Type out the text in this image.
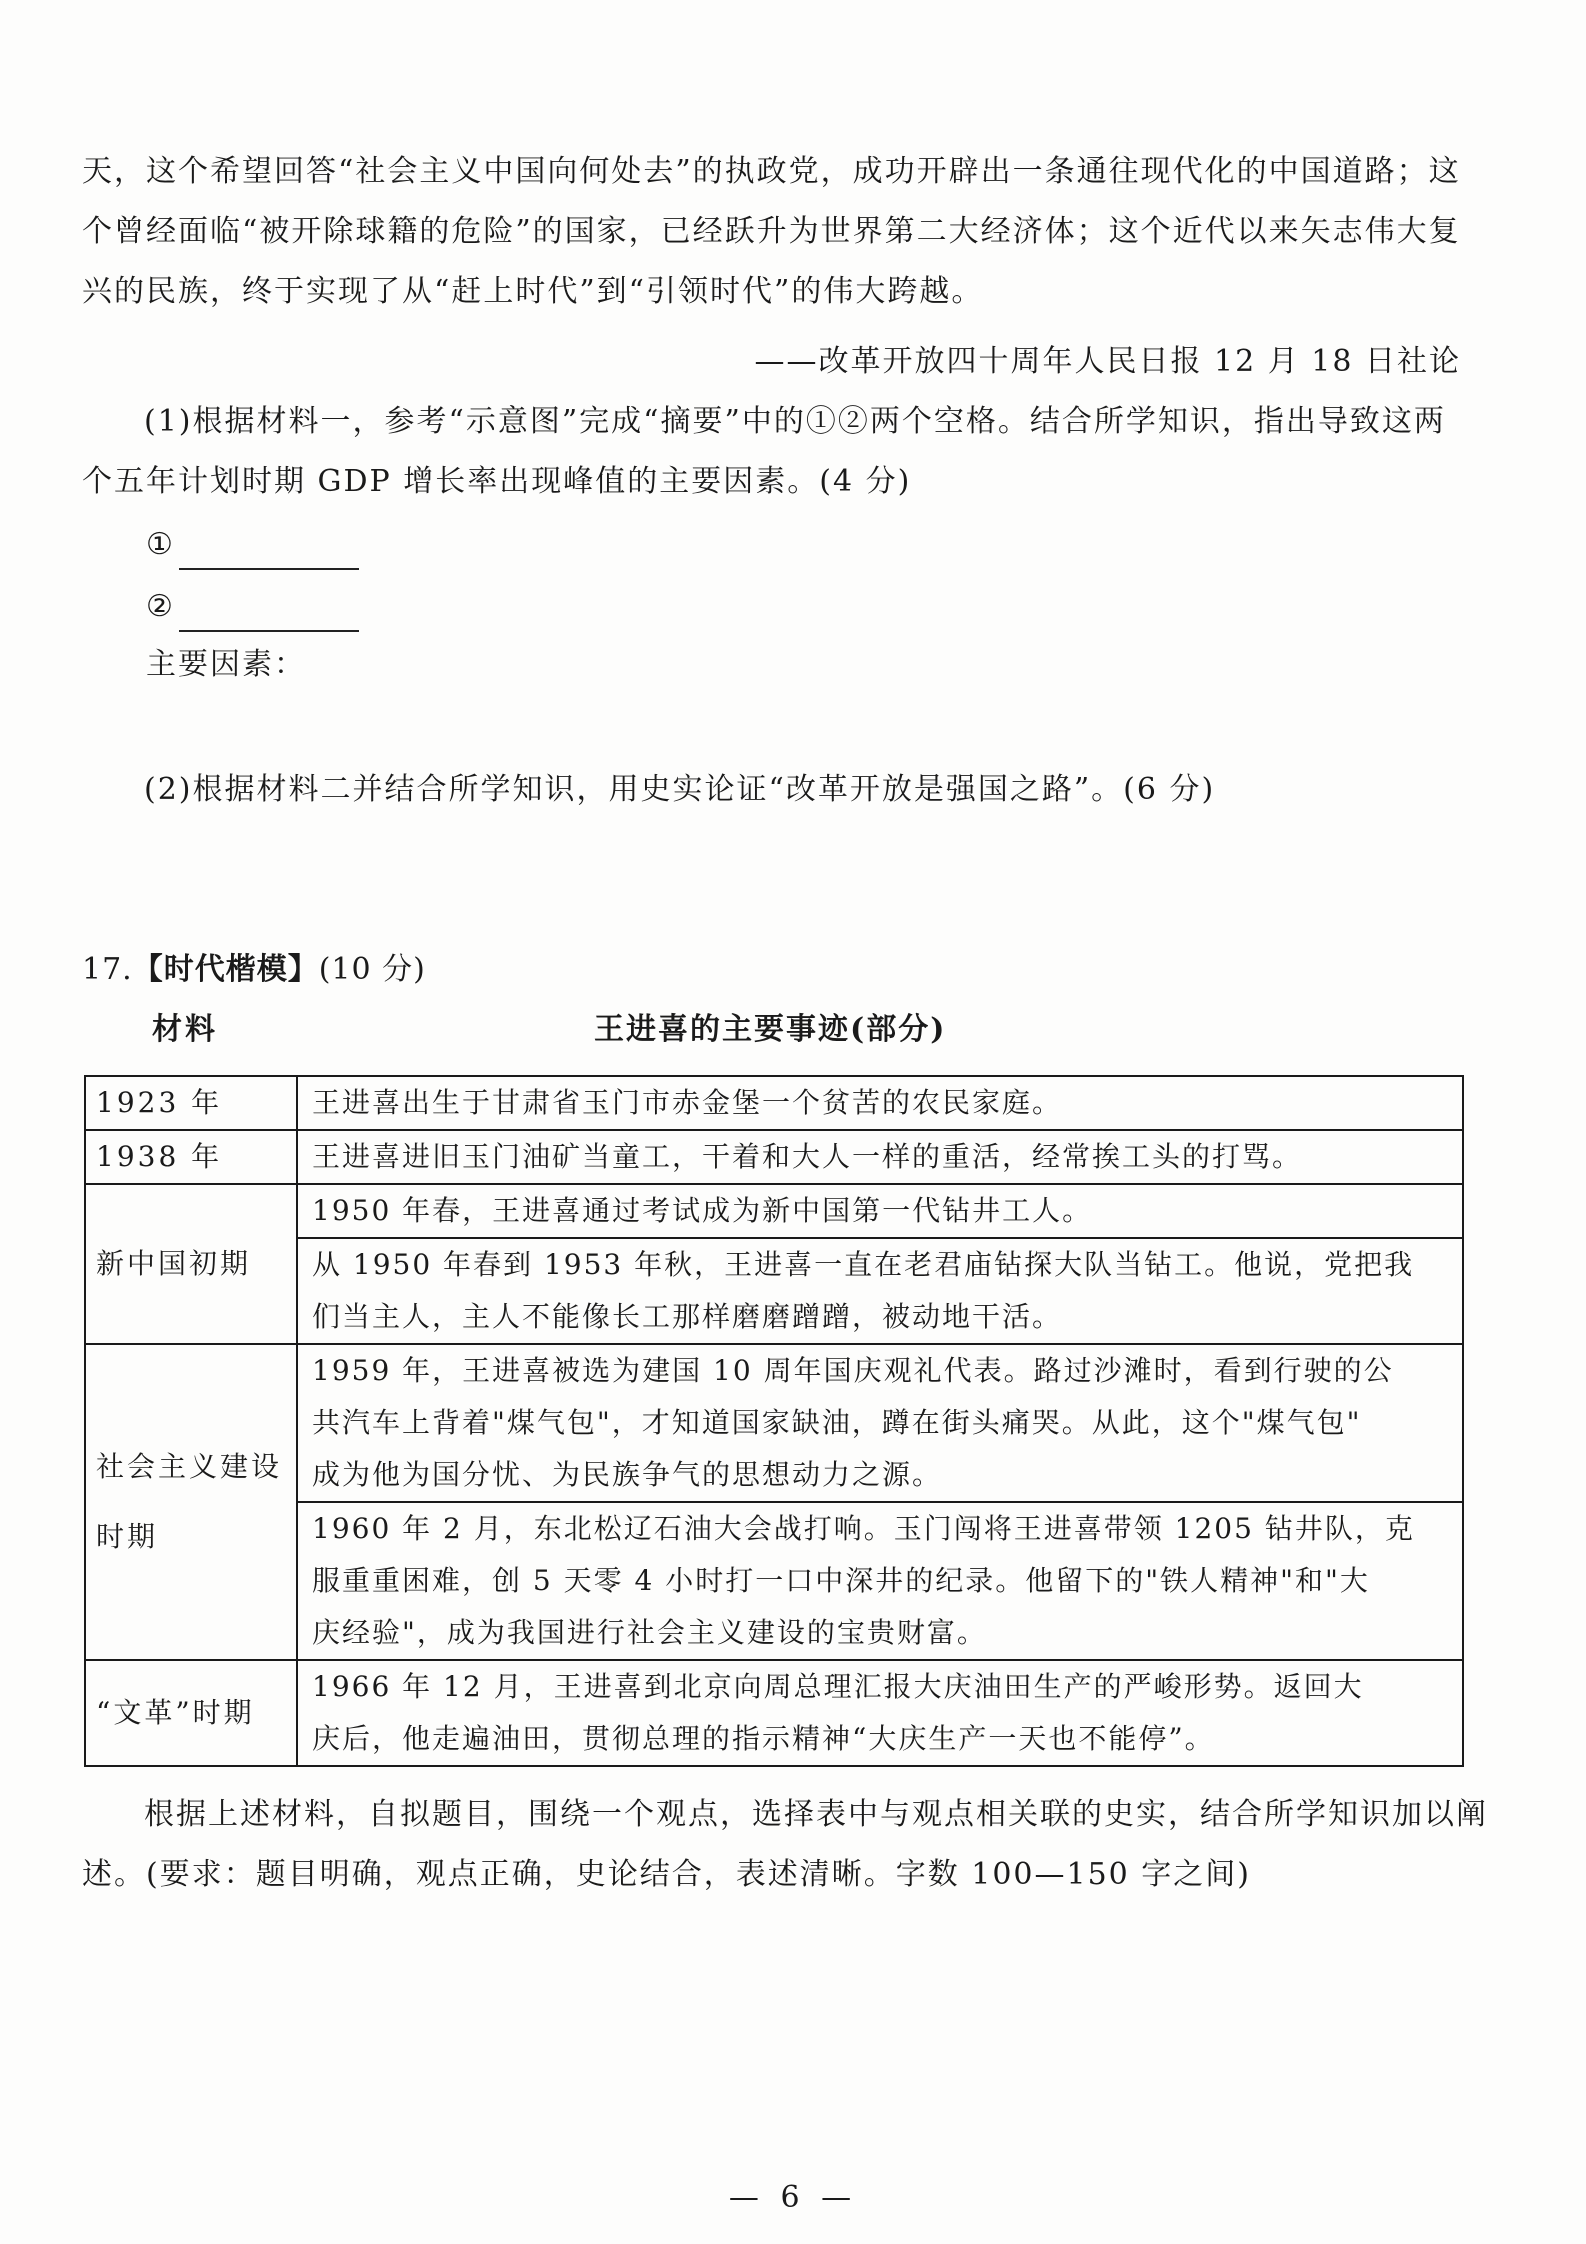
天，这个希望回答“社会主义中国向何处去”的执政党，成功开辟出一条通往现代化的中国道路；这
个曾经面临“被开除球籍的危险”的国家，已经跃升为世界第二大经济体；这个近代以来矢志伟大复
兴的民族，终于实现了从“赶上时代”到“引领时代”的伟大跨越。
——改革开放四十周年人民日报 12 月 18 日社论
(1)根据材料一，参考“示意图”完成“摘要”中的①②两个空格。结合所学知识，指出导致这两
个五年计划时期 GDP 增长率出现峰值的主要因素。(4 分)
①
②
主要因素：
(2)根据材料二并结合所学知识，用史实论证“改革开放是强国之路”。(6 分)
17.【时代楷模】(10 分)
材料	王进喜的主要事迹(部分)
1923 年	王进喜出生于甘肃省玉门市赤金堡一个贫苦的农民家庭。

1938 年	王进喜进旧玉门油矿当童工，干着和大人一样的重活，经常挨工头的打骂。

新中国初期	1950 年春，王进喜通过考试成为新中国第一代钻井工人。

	从 1950 年春到 1953 年秋，王进喜一直在老君庙钻探大队当钻工。他说，党把我
们当主人，主人不能像长工那样磨磨蹭蹭，被动地干活。

社会主义建设
时期	1959 年，王进喜被选为建国 10 周年国庆观礼代表。路过沙滩时，看到行驶的公
共汽车上背着"煤气包"，才知道国家缺油，蹲在街头痛哭。从此，这个"煤气包"
成为他为国分忧、为民族争气的思想动力之源。

	1960 年 2 月，东北松辽石油大会战打响。玉门闯将王进喜带领 1205 钻井队，克
服重重困难，创 5 天零 4 小时打一口中深井的纪录。他留下的"铁人精神"和"大
庆经验"，成为我国进行社会主义建设的宝贵财富。

“文革”时期	1966 年 12 月，王进喜到北京向周总理汇报大庆油田生产的严峻形势。返回大
庆后，他走遍油田，贯彻总理的指示精神“大庆生产一天也不能停”。
根据上述材料，自拟题目，围绕一个观点，选择表中与观点相关联的史实，结合所学知识加以阐
述。(要求：题目明确，观点正确，史论结合，表述清晰。字数 100—150 字之间)
— 6 —
